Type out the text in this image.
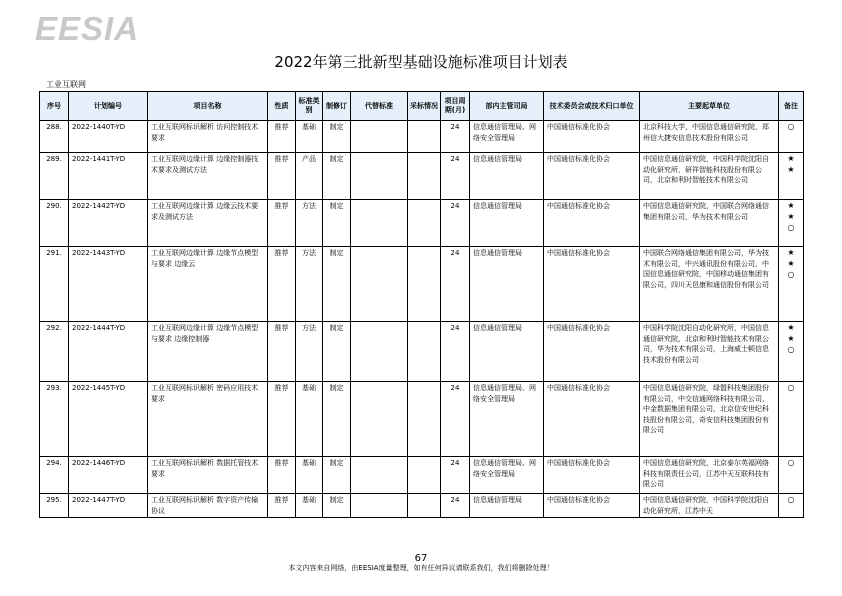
EESIA
2022年第三批新型基础设施标准项目计划表
工业互联网
序号	计划编号	项目名称	性质	标准类别	制修订	代替标准	采标情况	项目周期(月)	部内主管司局	技术委员会或技术归口单位	主要起草单位	备注
288.	2022-1440T-YD	工业互联网标识解析 访问控制技术要求	推荐	基础	制定			24	信息通信管理局、网络安全管理局	中国通信标准化协会	北京科技大学，中国信息通信研究院，郑州信大捷安信息技术股份有限公司	○

289.	2022-1441T-YD	工业互联网边缘计算 边缘控制器技术要求及测试方法	推荐	产品	制定			24	信息通信管理局	中国通信标准化协会	中国信息通信研究院，中国科学院沈阳自动化研究所，研祥智能科技股份有限公司，北京和利时智能技术有限公司	★
★

290.	2022-1442T-YD	工业互联网边缘计算 边缘云技术要求及测试方法	推荐	方法	制定			24	信息通信管理局	中国通信标准化协会	中国信息通信研究院，中国联合网络通信集团有限公司，华为技术有限公司	★
★
○

291.	2022-1443T-YD	工业互联网边缘计算 边缘节点模型与要求 边缘云	推荐	方法	制定			24	信息通信管理局	中国通信标准化协会	中国联合网络通信集团有限公司，华为技术有限公司，中兴通讯股份有限公司，中国信息通信研究院，中国移动通信集团有限公司，四川天邑康和通信股份有限公司	★
★
○

292.	2022-1444T-YD	工业互联网边缘计算 边缘节点模型与要求 边缘控制器	推荐	方法	制定			24	信息通信管理局	中国通信标准化协会	中国科学院沈阳自动化研究所，中国信息通信研究院，北京和利时智能技术有限公司，华为技术有限公司，上海威士顿信息技术股份有限公司	★
★
○

293.	2022-1445T-YD	工业互联网标识解析 密码应用技术要求	推荐	基础	制定			24	信息通信管理局、网络安全管理局	中国通信标准化协会	中国信息通信研究院，绿盟科技集团股份有限公司，中交信通网络科技有限公司，中金数据集团有限公司，北京信安世纪科技股份有限公司，奇安信科技集团股份有限公司	○

294.	2022-1446T-YD	工业互联网标识解析 数据托管技术要求	推荐	基础	制定			24	信息通信管理局、网络安全管理局	中国通信标准化协会	中国信息通信研究院，北京泰尔英福网络科技有限责任公司，江苏中天互联科技有限公司	○

295.	2022-1447T-YD	工业互联网标识解析 数字资产传输协议	推荐	基础	制定			24	信息通信管理局	中国通信标准化协会	中国信息通信研究院，中国科学院沈阳自动化研究所，江苏中天	○
67
本文内容来自网络，由EESIA度量整理，如有任何异议请联系我们，我们将删除处理！
